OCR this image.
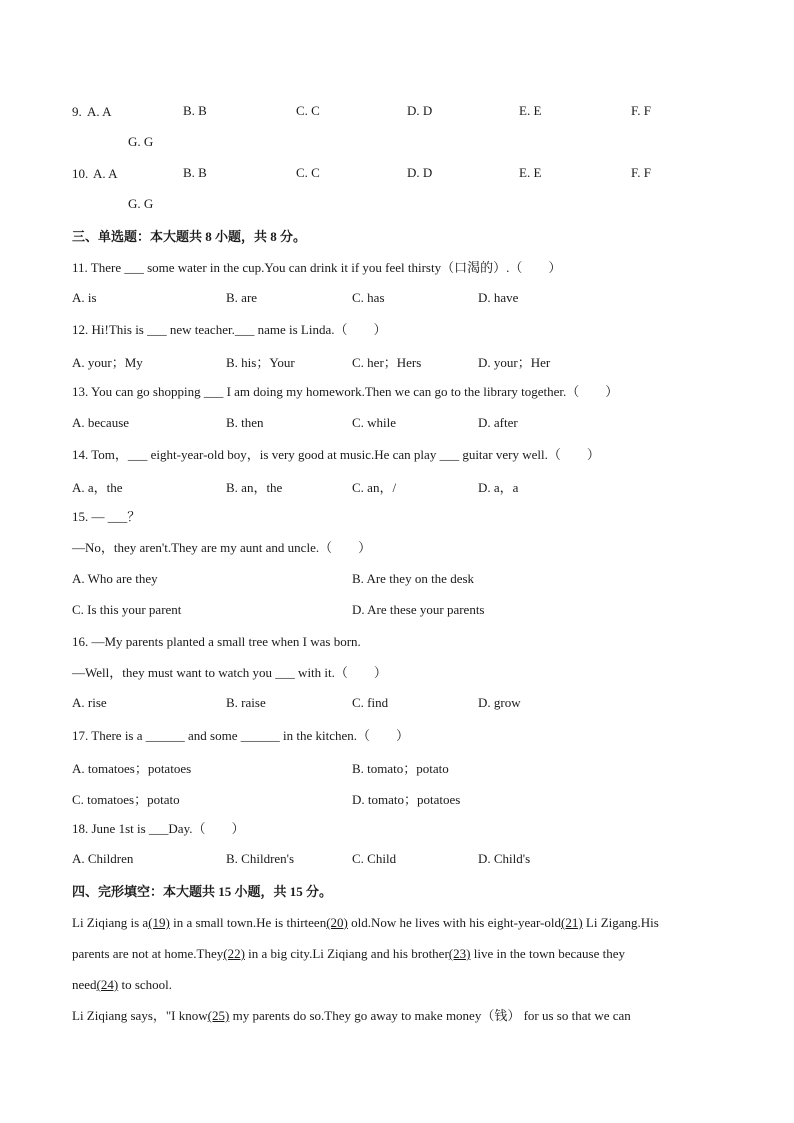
9. A. A	B. B	C. C	D. D	E. E	F. F
G. G
10. A. A	B. B	C. C	D. D	E. E	F. F
G. G
三、单选题：本大题共 8 小题，共 8 分。
11. There ___ some water in the cup.You can drink it if you feel thirsty（口渴的）.（　　）
A. is	B. are	C. has	D. have
12. Hi!This is ___ new teacher.___ name is Linda.（　　）
A. your；My	B. his；Your	C. her；Hers	D. your；Her
13. You can go shopping ___ I am doing my homework.Then we can go to the library together.（　　）
A. because	B. then	C. while	D. after
14. Tom，___ eight-year-old boy，is very good at music.He can play ___ guitar very well.（　　）
A. a，the	B. an，the	C. an，/	D. a，a
15. — ___？
—No，they aren't.They are my aunt and uncle.（　　）
A. Who are they	B. Are they on the desk
C. Is this your parent	D. Are these your parents
16. —My parents planted a small tree when I was born.
—Well，they must want to watch you ___ with it.（　　）
A. rise	B. raise	C. find	D. grow
17. There is a ______ and some ______ in the kitchen.（　　）
A. tomatoes；potatoes	B. tomato；potato
C. tomatoes；potato	D. tomato；potatoes
18. June 1st is ___Day.（　　）
A. Children	B. Children's	C. Child	D. Child's
四、完形填空：本大题共 15 小题，共 15 分。
Li Ziqiang is a(19) in a small town.He is thirteen(20) old.Now he lives with his eight-year-old(21) Li Zigang.His
parents are not at home.They(22) in a big city.Li Ziqiang and his brother(23) live in the town because they
need(24) to school.
Li Ziqiang says，"I know(25) my parents do so.They go away to make money（钱） for us so that we can
